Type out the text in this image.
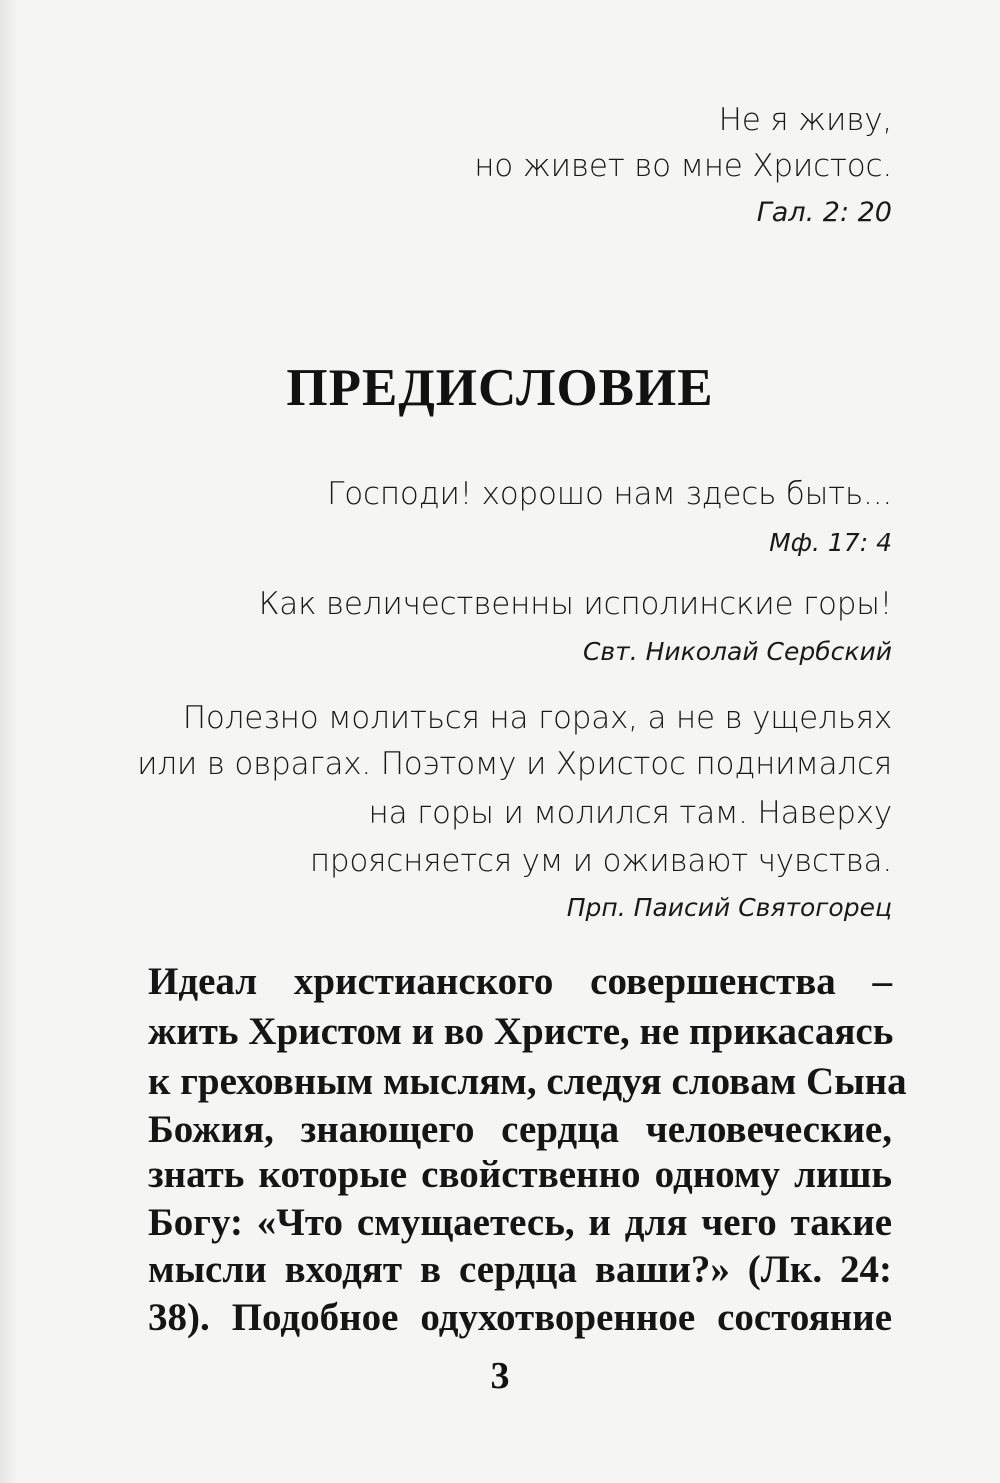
Не я живу,
но живет во мне Христос.
Гал. 2: 20
ПРЕДИСЛОВИЕ
Господи! хорошо нам здесь быть...
Мф. 17: 4
Как величественны исполинские горы!
Свт. Николай Сербский
Полезно молиться на горах, а не в ущельях
или в оврагах. Поэтому и Христос поднимался
на горы и молился там. Наверху
проясняется ум и оживают чувства.
Прп. Паисий Святогорец
Идеал христианского совершенства –
жить Христом и во Христе, не прикасаясь
к греховным мыслям, следуя словам Сына
Божия, знающего сердца человеческие,
знать которые свойственно одному лишь
Богу: «Что смущаетесь, и для чего такие
мысли входят в сердца ваши?» (Лк. 24:
38). Подобное одухотворенное состояние
3
